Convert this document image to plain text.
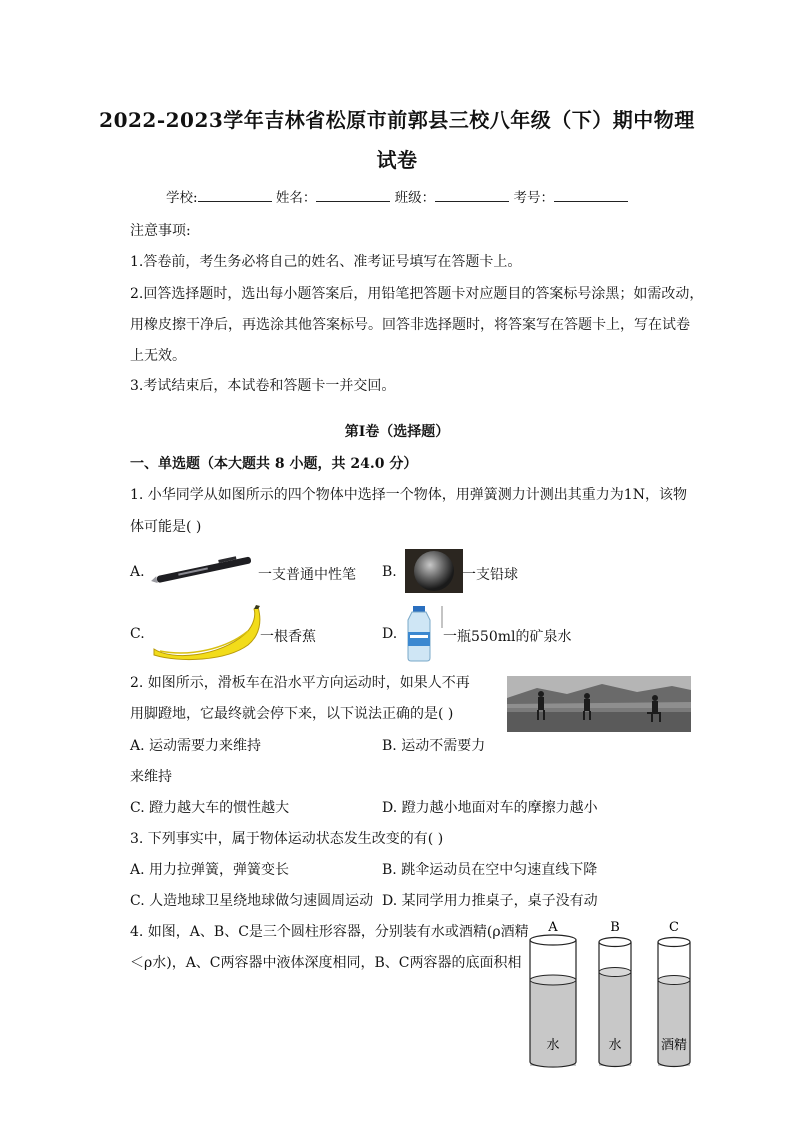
2022-2023学年吉林省松原市前郭县三校八年级（下）期中物理
试卷
学校:	姓名：	班级：	考号：
注意事项:
1.答卷前，考生务必将自己的姓名、准考证号填写在答题卡上。
2.回答选择题时，选出每小题答案后，用铅笔把答题卡对应题目的答案标号涂黑；如需改动，
用橡皮擦干净后，再选涂其他答案标号。回答非选择题时，将答案写在答题卡上，写在试卷
上无效。
3.考试结束后，本试卷和答题卡一并交回。
第Ⅰ卷（选择题）
一、单选题（本大题共 8 小题，共 24.0 分）
1. 小华同学从如图所示的四个物体中选择一个物体，用弹簧测力计测出其重力为1N，该物
体可能是( )
A.	一支普通中性笔 B.	一支铅球
C.	一根香蕉	D.	一瓶550ml的矿泉水
2. 如图所示，滑板车在沿水平方向运动时，如果人不再
用脚蹬地，它最终就会停下来，以下说法正确的是( )
A. 运动需要力来维持	B. 运动不需要力
来维持
C. 蹬力越大车的惯性越大	D. 蹬力越小地面对车的摩擦力越小
3. 下列事实中，属于物体运动状态发生改变的有( )
A. 用力拉弹簧，弹簧变长	B. 跳伞运动员在空中匀速直线下降
C. 人造地球卫星绕地球做匀速圆周运动 D. 某同学用力推桌子，桌子没有动
4. 如图，A、B、C是三个圆柱形容器，分别装有水或酒精(ρ酒精
＜ρ水)，A、C两容器中液体深度相同，B、C两容器的底面积相
A
水
B
水
C
酒精
